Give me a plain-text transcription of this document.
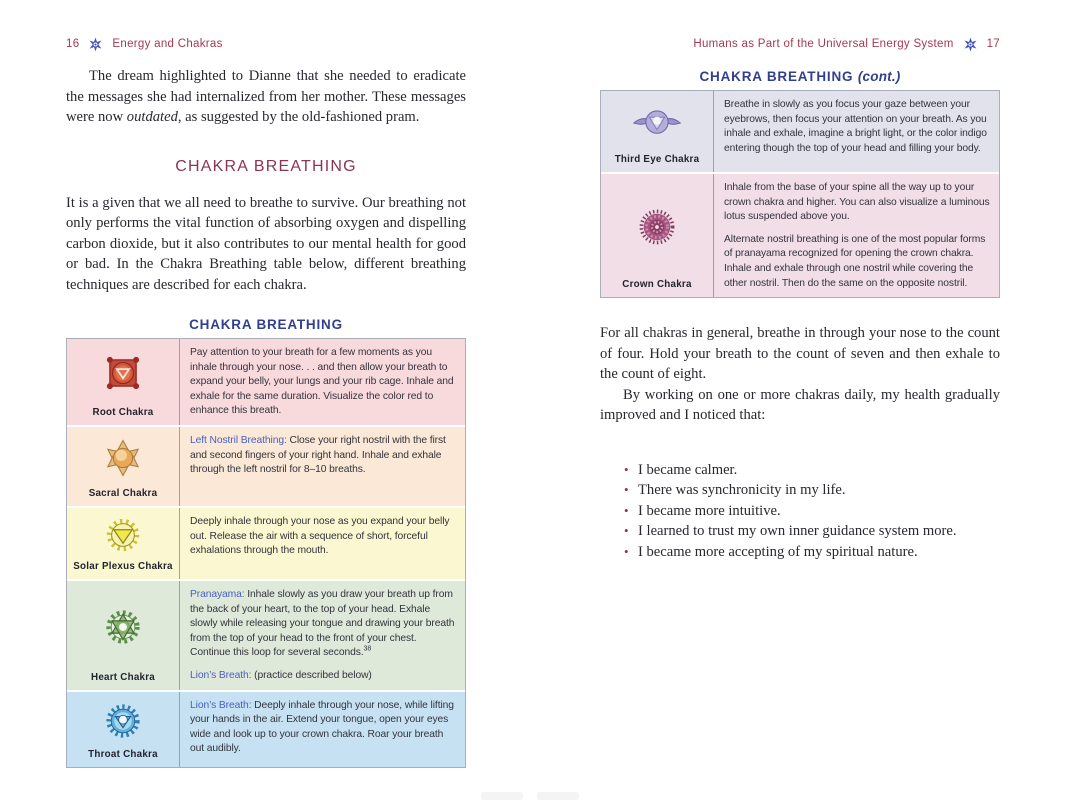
16	Energy and Chakras

The dream highlighted to Dianne that she needed to eradicate the messages she had internalized from her mother. These messages were now outdated, as suggested by the old-fashioned pram.

CHAKRA BREATHING

It is a given that we all need to breathe to survive. Our breathing not only performs the vital function of absorbing oxygen and dispelling carbon dioxide, but it also contributes to our mental health for good or bad. In the Chakra Breathing table below, different breathing techniques are described for each chakra.

CHAKRA BREATHING
Root Chakra

Pay attention to your breath for a few moments as you inhale through your nose. . . and then allow your breath to expand your belly, your lungs and your rib cage. Inhale and exhale for the same duration. Visualize the color red to enhance this breath.

Sacral Chakra

Left Nostril Breathing: Close your right nostril with the first and second fingers of your right hand. Inhale and exhale through the left nostril for 8–10 breaths.

Solar Plexus Chakra

Deeply inhale through your nose as you expand your belly out. Release the air with a sequence of short, forceful exhalations through the mouth.

Heart Chakra

Pranayama: Inhale slowly as you draw your breath up from the back of your heart, to the top of your head. Exhale slowly while releasing your tongue and drawing your breath from the top of your head to the front of your chest. Continue this loop for several seconds.$^{38}$

Lion’s Breath: (practice described below)

Throat Chakra

Lion’s Breath: Deeply inhale through your nose, while lifting your hands in the air. Extend your tongue, open your eyes wide and look up to your crown chakra. Roar your breath out audibly.

Humans as Part of the Universal Energy System	17
CHAKRA BREATHING (cont.)
Third Eye Chakra

Breathe in slowly as you focus your gaze between your eyebrows, then focus your attention on your breath. As you inhale and exhale, imagine a bright light, or the color indigo entering though the top of your head and filling your body.

Crown Chakra

Inhale from the base of your spine all the way up to your crown chakra and higher. You can also visualize a luminous lotus suspended above you.

Alternate nostril breathing is one of the most popular forms of pranayama recognized for opening the crown chakra. Inhale and exhale through one nostril while covering the other nostril. Then do the same on the opposite nostril.

For all chakras in general, breathe in through your nose to the count of four. Hold your breath to the count of seven and then exhale to the count of eight.

By working on one or more chakras daily, my health gradually improved and I noticed that:

• I became calmer.
• There was synchronicity in my life.
• I became more intuitive.
• I learned to trust my own inner guidance system more.
• I became more accepting of my spiritual nature.
